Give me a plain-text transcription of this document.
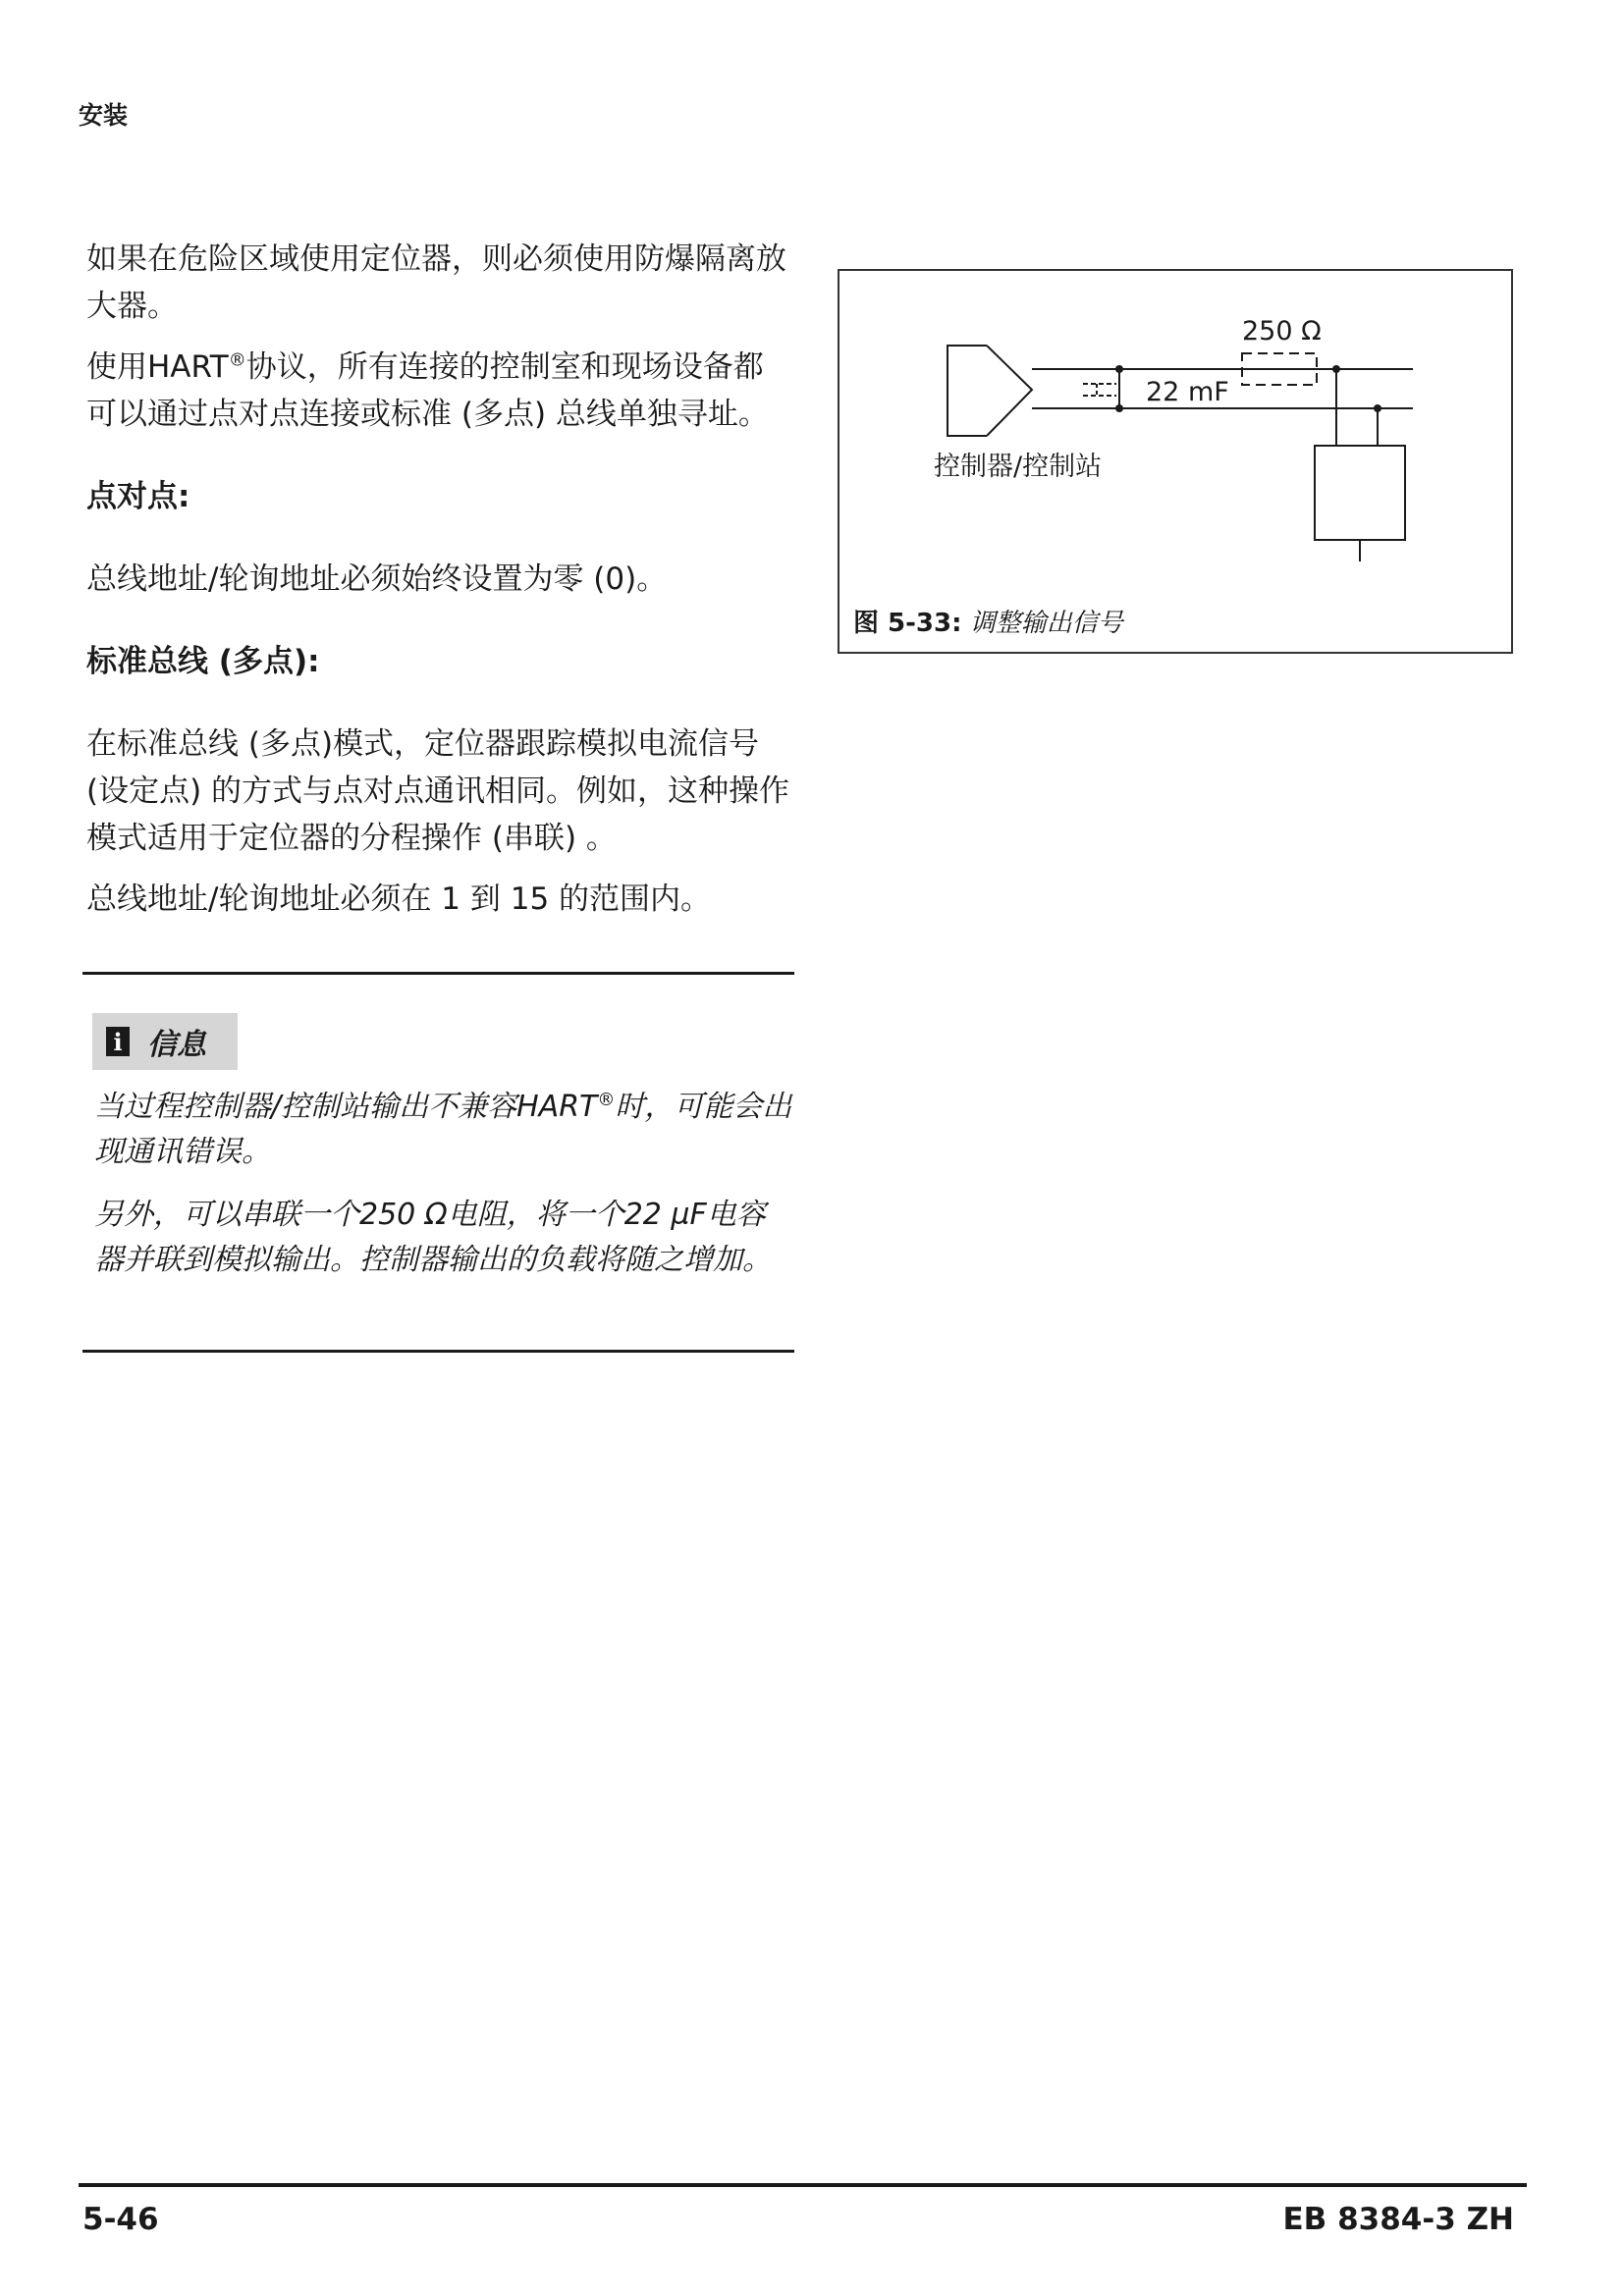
安装

如果在危险区域使用定位器，则必须使用防爆隔离放大器。

使用HART®协议，所有连接的控制室和现场设备都可以通过点对点连接或标准 (多点) 总线单独寻址。

点对点:

总线地址/轮询地址必须始终设置为零 (0)。

标准总线 (多点):

在标准总线 (多点)模式，定位器跟踪模拟电流信号 (设定点) 的方式与点对点通讯相同。例如，这种操作模式适用于定位器的分程操作 (串联) 。

总线地址/轮询地址必须在 1 到 15 的范围内。

i 信息

当过程控制器/控制站输出不兼容HART®时，可能会出现通讯错误。

另外，可以串联一个250 Ω电阻，将一个22 µF电容器并联到模拟输出。控制器输出的负载将随之增加。

250 Ω
22 mF
控制器/控制站
图 5-33: 调整输出信号
5-46	EB 8384-3 ZH
